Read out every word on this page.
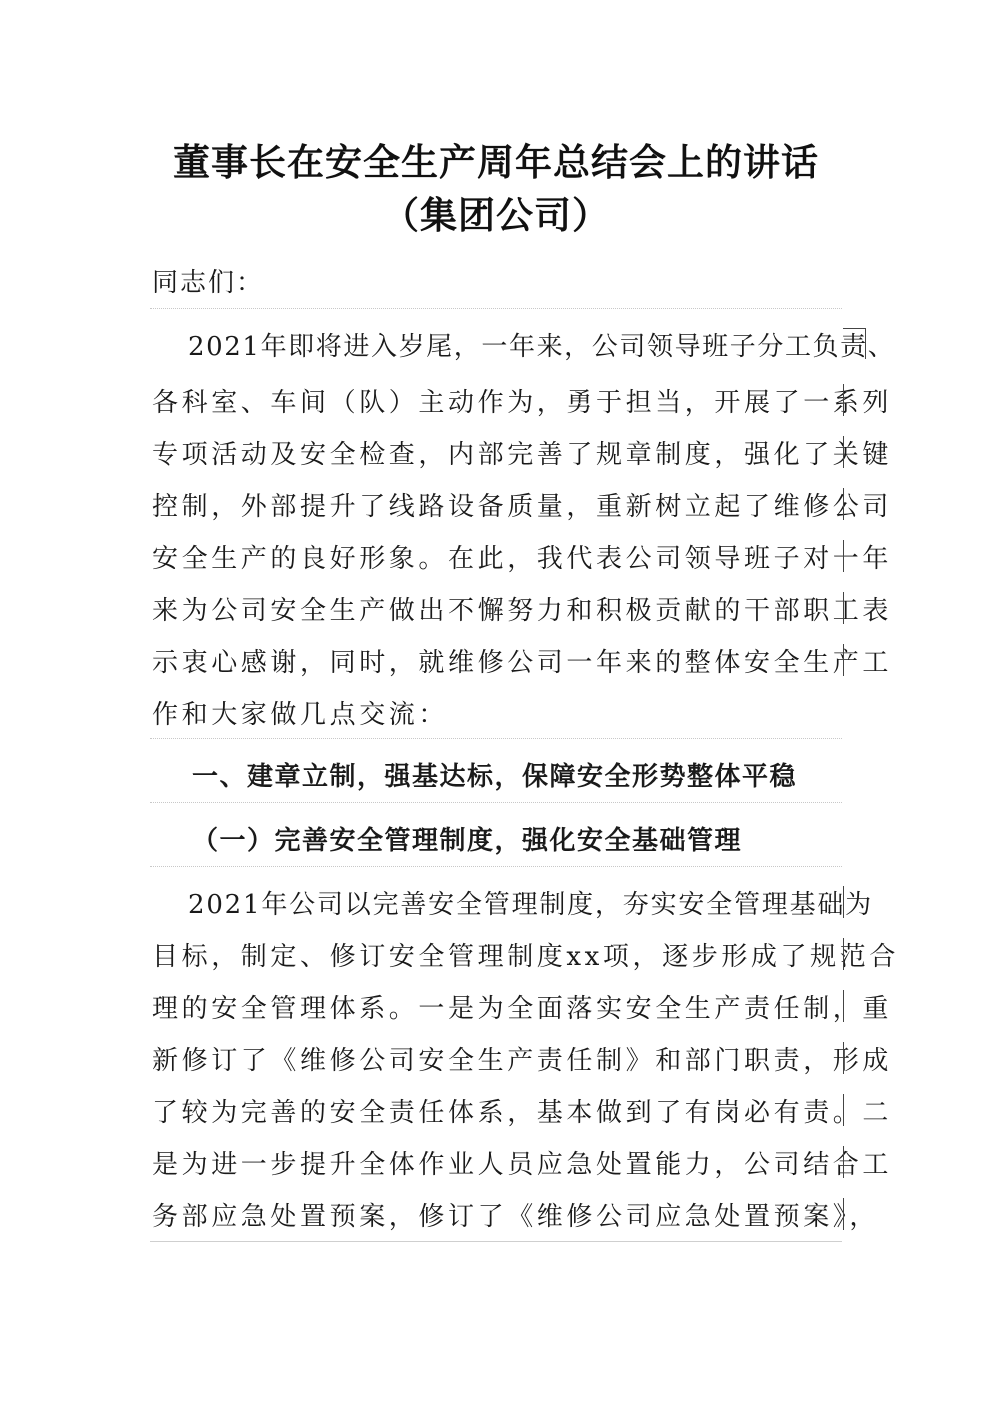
董事长在安全生产周年总结会上的讲话
（集团公司）
同志们：
2021年即将进入岁尾，一年来，公司领导班子分工负责、
各科室、车间（队）主动作为，勇于担当，开展了一系列
专项活动及安全检查，内部完善了规章制度，强化了关键
控制，外部提升了线路设备质量，重新树立起了维修公司
安全生产的良好形象。在此，我代表公司领导班子对一年
来为公司安全生产做出不懈努力和积极贡献的干部职工表
示衷心感谢，同时，就维修公司一年来的整体安全生产工
作和大家做几点交流：
一、建章立制，强基达标，保障安全形势整体平稳
（一）完善安全管理制度，强化安全基础管理
2021年公司以完善安全管理制度，夯实安全管理基础为
目标，制定、修订安全管理制度xx项，逐步形成了规范合
理的安全管理体系。一是为全面落实安全生产责任制，重
新修订了《维修公司安全生产责任制》和部门职责，形成
了较为完善的安全责任体系，基本做到了有岗必有责。二
是为进一步提升全体作业人员应急处置能力，公司结合工
务部应急处置预案，修订了《维修公司应急处置预案》，
